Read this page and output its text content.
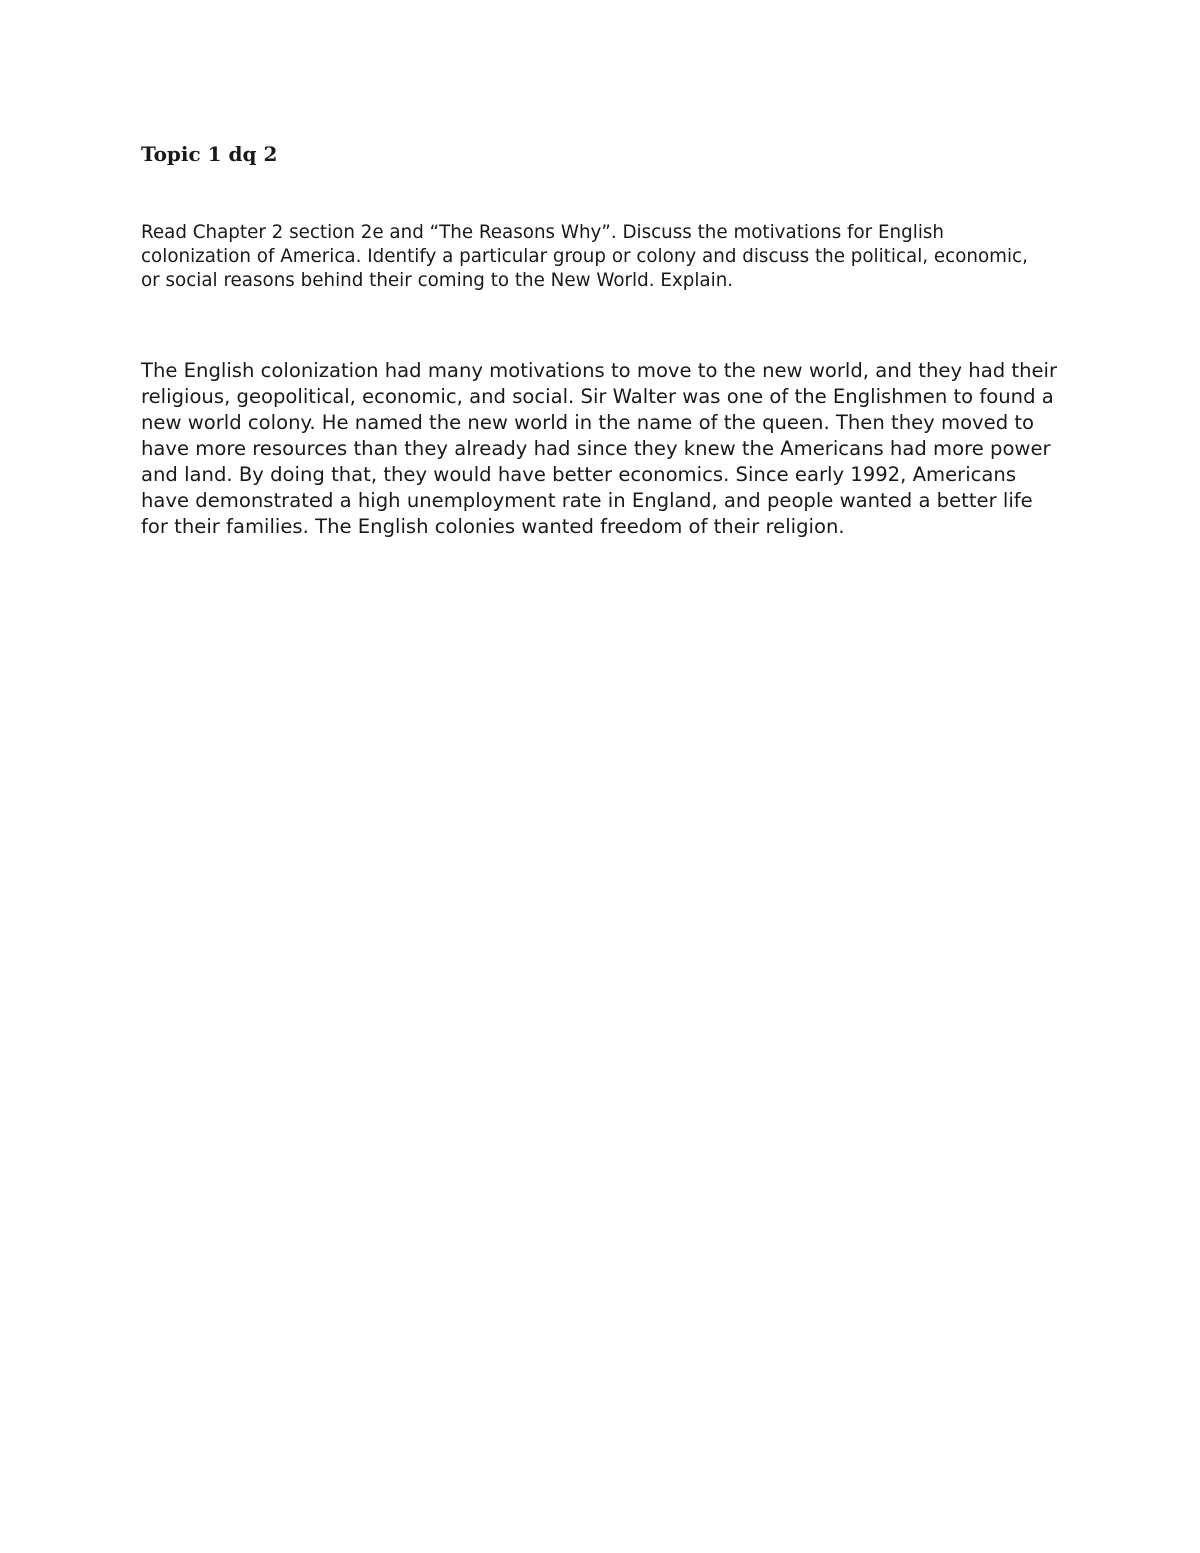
Topic 1 dq 2

Read Chapter 2 section 2e and “The Reasons Why”. Discuss the motivations for English colonization of America. Identify a particular group or colony and discuss the political, economic, or social reasons behind their coming to the New World. Explain.

The English colonization had many motivations to move to the new world, and they had their religious, geopolitical, economic, and social. Sir Walter was one of the Englishmen to found a new world colony. He named the new world in the name of the queen. Then they moved to have more resources than they already had since they knew the Americans had more power and land. By doing that, they would have better economics. Since early 1992, Americans have demonstrated a high unemployment rate in England, and people wanted a better life for their families. The English colonies wanted freedom of their religion.
